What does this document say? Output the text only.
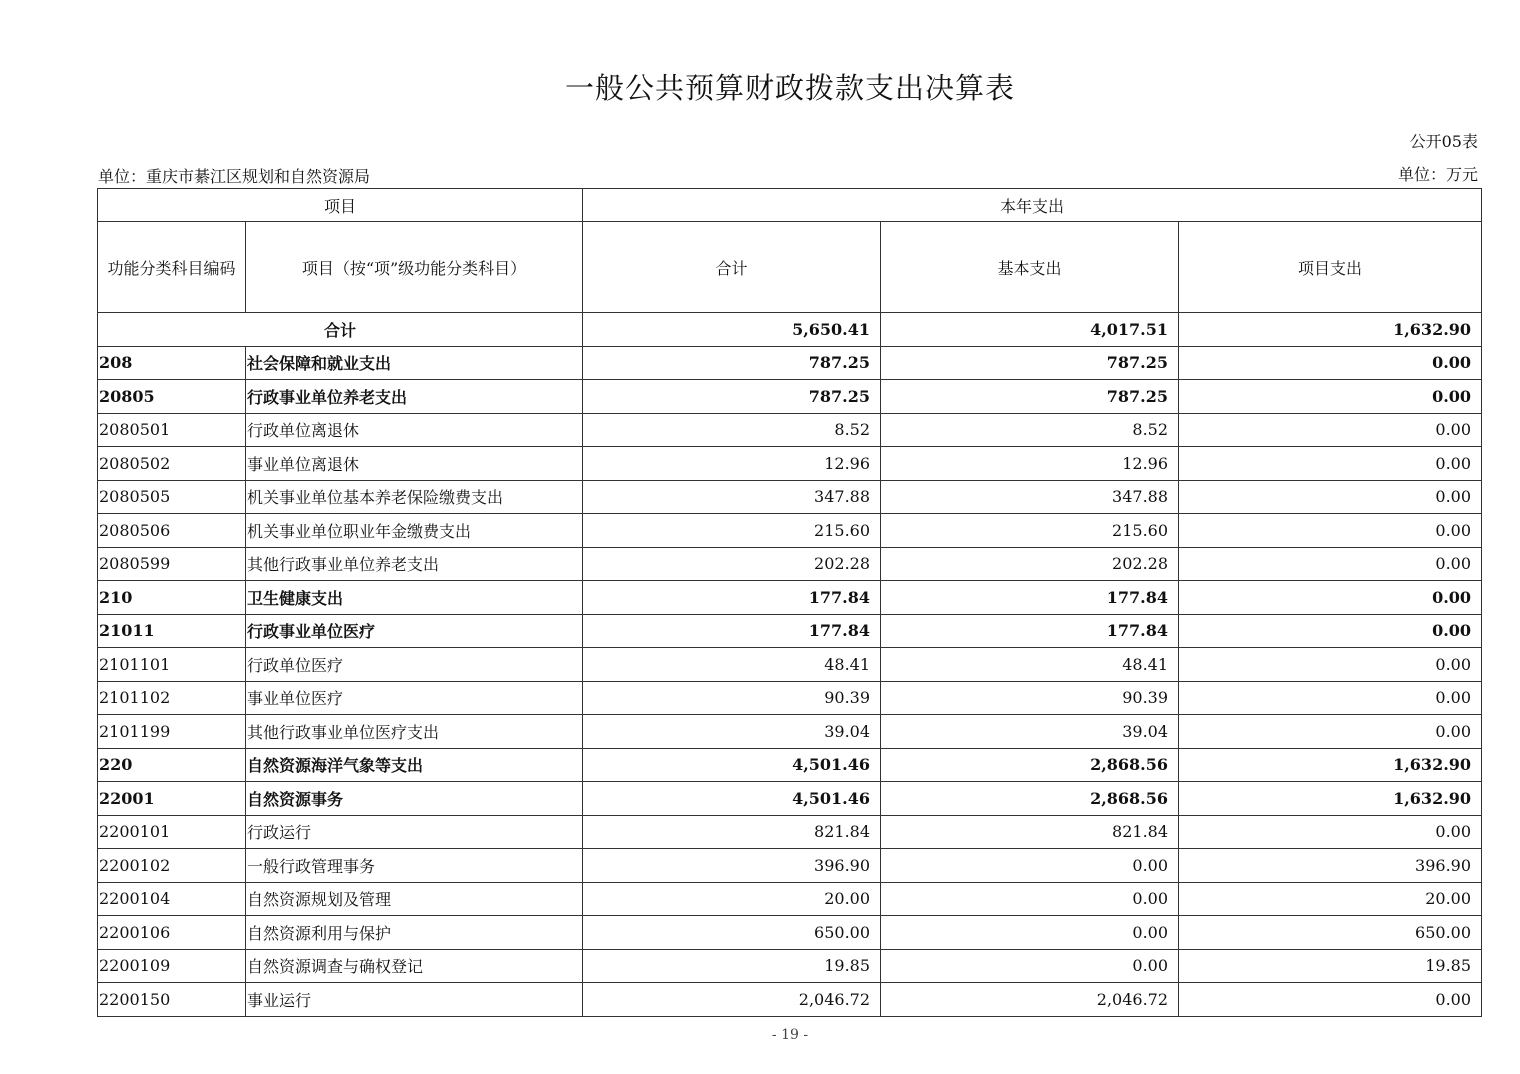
一般公共预算财政拨款支出决算表
公开05表
单位：重庆市綦江区规划和自然资源局	单位：万元
项目		本年支出		
功能分类科目编码	项目（按“项”级功能分类科目）	合计	基本支出	项目支出
合计		5,650.41	4,017.51	1,632.90
208	社会保障和就业支出	787.25	787.25	0.00
20805	行政事业单位养老支出	787.25	787.25	0.00
2080501	行政单位离退休	8.52	8.52	0.00
2080502	事业单位离退休	12.96	12.96	0.00
2080505	机关事业单位基本养老保险缴费支出	347.88	347.88	0.00
2080506	机关事业单位职业年金缴费支出	215.60	215.60	0.00
2080599	其他行政事业单位养老支出	202.28	202.28	0.00
210	卫生健康支出	177.84	177.84	0.00
21011	行政事业单位医疗	177.84	177.84	0.00
2101101	行政单位医疗	48.41	48.41	0.00
2101102	事业单位医疗	90.39	90.39	0.00
2101199	其他行政事业单位医疗支出	39.04	39.04	0.00
220	自然资源海洋气象等支出	4,501.46	2,868.56	1,632.90
22001	自然资源事务	4,501.46	2,868.56	1,632.90
2200101	行政运行	821.84	821.84	0.00
2200102	一般行政管理事务	396.90	0.00	396.90
2200104	自然资源规划及管理	20.00	0.00	20.00
2200106	自然资源利用与保护	650.00	0.00	650.00
2200109	自然资源调查与确权登记	19.85	0.00	19.85
2200150	事业运行	2,046.72	2,046.72	0.00
- 19 -
